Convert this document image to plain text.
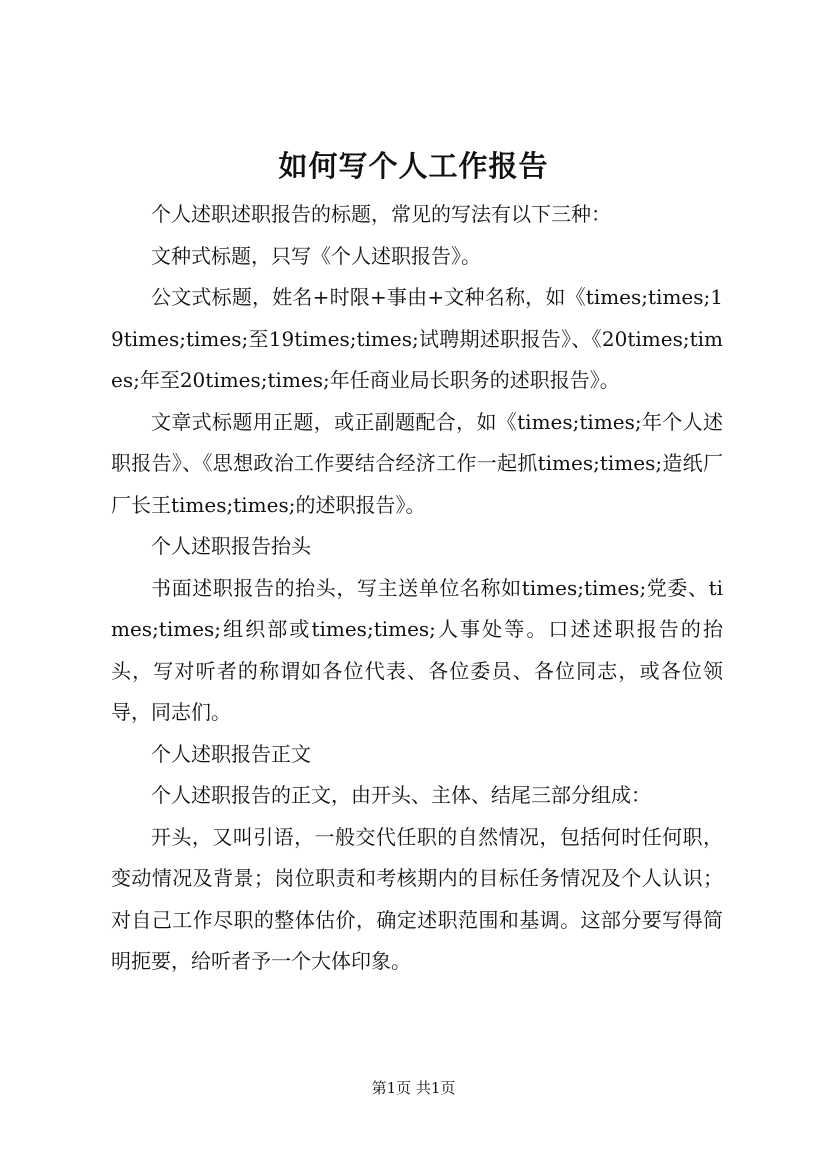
如何写个人工作报告

个人述职述职报告的标题，常见的写法有以下三种：

文种式标题，只写《个人述职报告》。

公文式标题，姓名+时限+事由+文种名称，如《times;times;19times;times;至19times;times;试聘期述职报告》、《20times;times;年至20times;times;年任商业局长职务的述职报告》。

文章式标题用正题，或正副题配合，如《times;times;年个人述职报告》、《思想政治工作要结合经济工作一起抓times;times;造纸厂厂长王times;times;的述职报告》。

个人述职报告抬头

书面述职报告的抬头，写主送单位名称如times;times;党委、times;times;组织部或times;times;人事处等。口述述职报告的抬头，写对听者的称谓如各位代表、各位委员、各位同志，或各位领导，同志们。

个人述职报告正文

个人述职报告的正文，由开头、主体、结尾三部分组成：

开头，又叫引语，一般交代任职的自然情况，包括何时任何职，变动情况及背景；岗位职责和考核期内的目标任务情况及个人认识；对自己工作尽职的整体估价，确定述职范围和基调。这部分要写得简明扼要，给听者予一个大体印象。

第1页 共1页
